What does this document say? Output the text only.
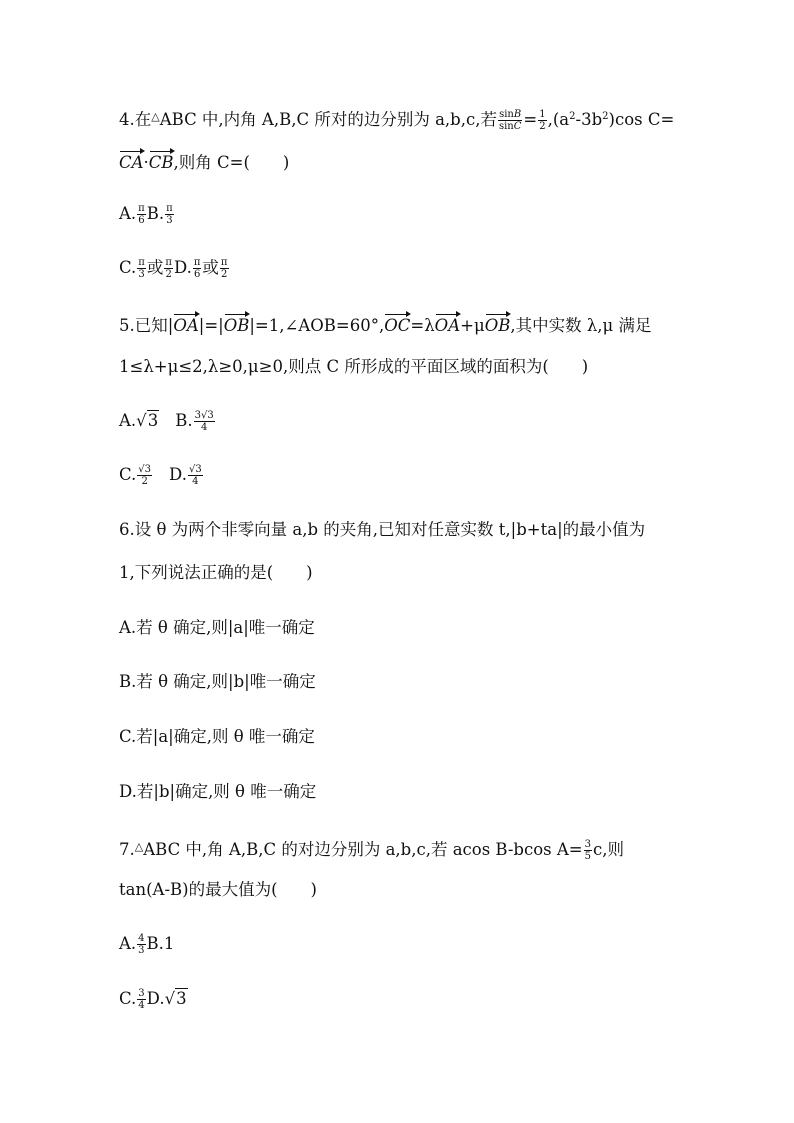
4.在△ABC 中,内角 A,B,C 所对的边分别为 a,b,c,若 $\frac{\sin B}{\sin C} = \frac{1}{2} ,(a^2-3b^2)\cos$ C=
CA·CB,则角 C=(　　)
A. $\frac{\pi}{6} B$. $\frac{\pi}{3}$
C. $\frac{\pi}{3}$ 或 $\frac{\pi}{2} D$. $\frac{\pi}{6}$ 或 $\frac{\pi}{2}$
5.已知|OA|=|OB|=1,∠AOB=60°,OC=λOA+μOB,其中实数 λ,μ 满足
1≤λ+μ≤2,λ≥0,μ≥0,则点 C 所形成的平面区域的面积为(　　)
A.√3 B. $\frac{3√3}{4}$
C. $\frac{√3}{2} D$. $\frac{√3}{4}$
6.设 θ 为两个非零向量 a,b 的夹角,已知对任意实数 t,|b+ta|的最小值为
1,下列说法正确的是(　　)
A.若 θ 确定,则|a|唯一确定
B.若 θ 确定,则|b|唯一确定
C.若|a|确定,则 θ 唯一确定
D.若|b|确定,则 θ 唯一确定
7.△ABC 中,角 A,B,C 的对边分别为 a,b,c,若 acos B-bcos $A= \frac{3}{5} c$,则
tan(A-B)的最大值为(　　)
A. $\frac{4}{3} B.1$
C. $\frac{3}{4} D.√3$
